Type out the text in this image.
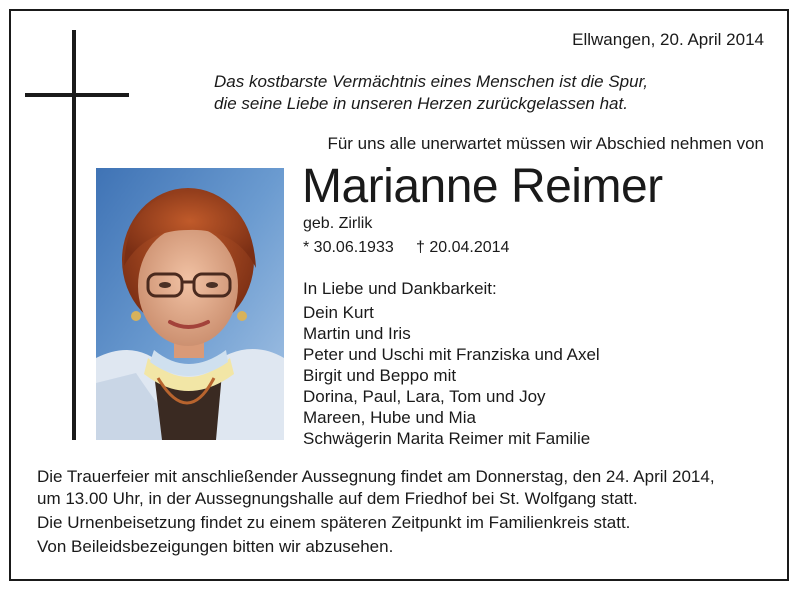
Ellwangen, 20. April 2014
Das kostbarste Vermächtnis eines Menschen ist die Spur,
die seine Liebe in unseren Herzen zurückgelassen hat.
Für uns alle unerwartet müssen wir Abschied nehmen von
Marianne Reimer
geb. Zirlik
* 30.06.1933 † 20.04.2014
In Liebe und Dankbarkeit:
Dein Kurt
Martin und Iris
Peter und Uschi mit Franziska und Axel
Birgit und Beppo mit
Dorina, Paul, Lara, Tom und Joy
Mareen, Hube und Mia
Schwägerin Marita Reimer mit Familie
Die Trauerfeier mit anschließender Aussegnung findet am Donnerstag, den 24. April 2014,
um 13.00 Uhr, in der Aussegnungshalle auf dem Friedhof bei St. Wolfgang statt.
Die Urnenbeisetzung findet zu einem späteren Zeitpunkt im Familienkreis statt.
Von Beileidsbezeigungen bitten wir abzusehen.
